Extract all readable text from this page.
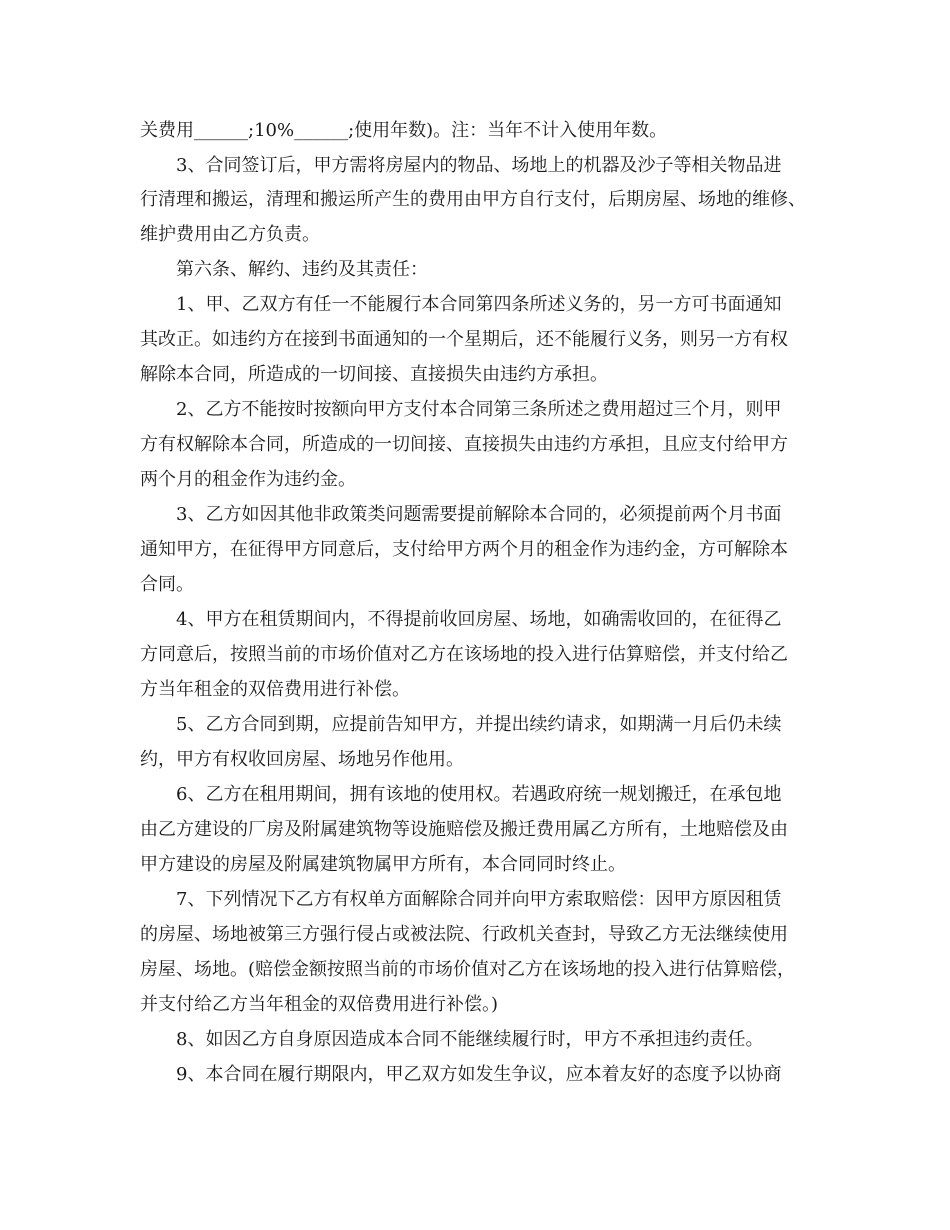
关费用______;10%______;使用年数)。注：当年不计入使用年数。
3、合同签订后，甲方需将房屋内的物品、场地上的机器及沙子等相关物品进
行清理和搬运，清理和搬运所产生的费用由甲方自行支付，后期房屋、场地的维修、
维护费用由乙方负责。
第六条、解约、违约及其责任：
1、甲、乙双方有任一不能履行本合同第四条所述义务的，另一方可书面通知
其改正。如违约方在接到书面通知的一个星期后，还不能履行义务，则另一方有权
解除本合同，所造成的一切间接、直接损失由违约方承担。
2、乙方不能按时按额向甲方支付本合同第三条所述之费用超过三个月，则甲
方有权解除本合同，所造成的一切间接、直接损失由违约方承担，且应支付给甲方
两个月的租金作为违约金。
3、乙方如因其他非政策类问题需要提前解除本合同的，必须提前两个月书面
通知甲方，在征得甲方同意后，支付给甲方两个月的租金作为违约金，方可解除本
合同。
4、甲方在租赁期间内，不得提前收回房屋、场地，如确需收回的，在征得乙
方同意后，按照当前的市场价值对乙方在该场地的投入进行估算赔偿，并支付给乙
方当年租金的双倍费用进行补偿。
5、乙方合同到期，应提前告知甲方，并提出续约请求，如期满一月后仍未续
约，甲方有权收回房屋、场地另作他用。
6、乙方在租用期间，拥有该地的使用权。若遇政府统一规划搬迁，在承包地
由乙方建设的厂房及附属建筑物等设施赔偿及搬迁费用属乙方所有，土地赔偿及由
甲方建设的房屋及附属建筑物属甲方所有，本合同同时终止。
7、下列情况下乙方有权单方面解除合同并向甲方索取赔偿：因甲方原因租赁
的房屋、场地被第三方强行侵占或被法院、行政机关查封，导致乙方无法继续使用
房屋、场地。(赔偿金额按照当前的市场价值对乙方在该场地的投入进行估算赔偿，
并支付给乙方当年租金的双倍费用进行补偿。)
8、如因乙方自身原因造成本合同不能继续履行时，甲方不承担违约责任。
9、本合同在履行期限内，甲乙双方如发生争议，应本着友好的态度予以协商
